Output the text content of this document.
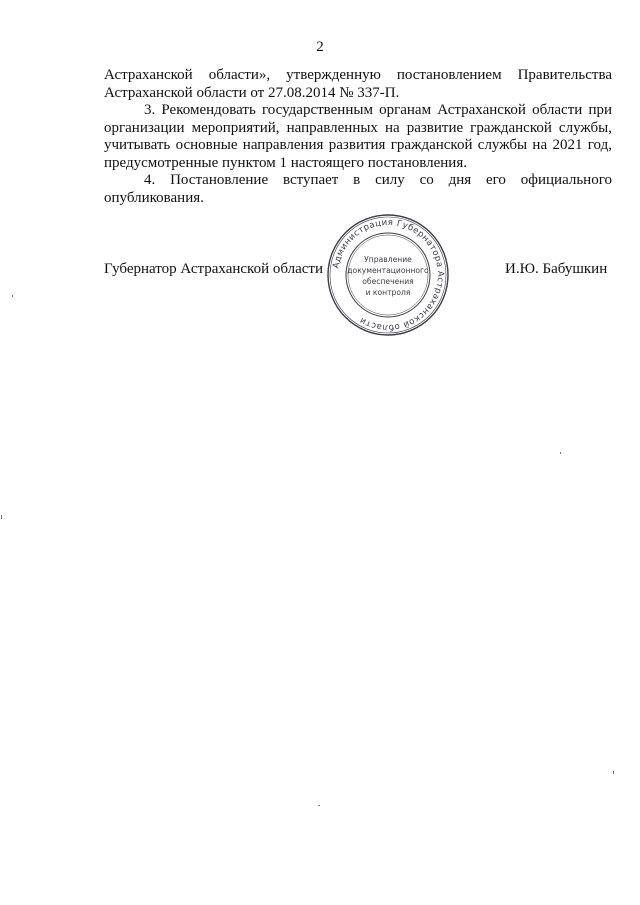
2
Астраханской области», утвержденную постановлением Правительства
Астраханской области от 27.08.2014 № 337-П.
3. Рекомендовать государственным органам Астраханской области при
организации мероприятий, направленных на развитие гражданской службы,
учитывать основные направления развития гражданской службы на 2021 год,
предусмотренные пунктом 1 настоящего постановления.
4. Постановление вступает в силу со дня его официального
опубликования.
Губернатор Астраханской области	И.Ю. Бабушкин
Администрация Губернатора Астраханской области
Управление
документационного
обеспечения
и контроля
